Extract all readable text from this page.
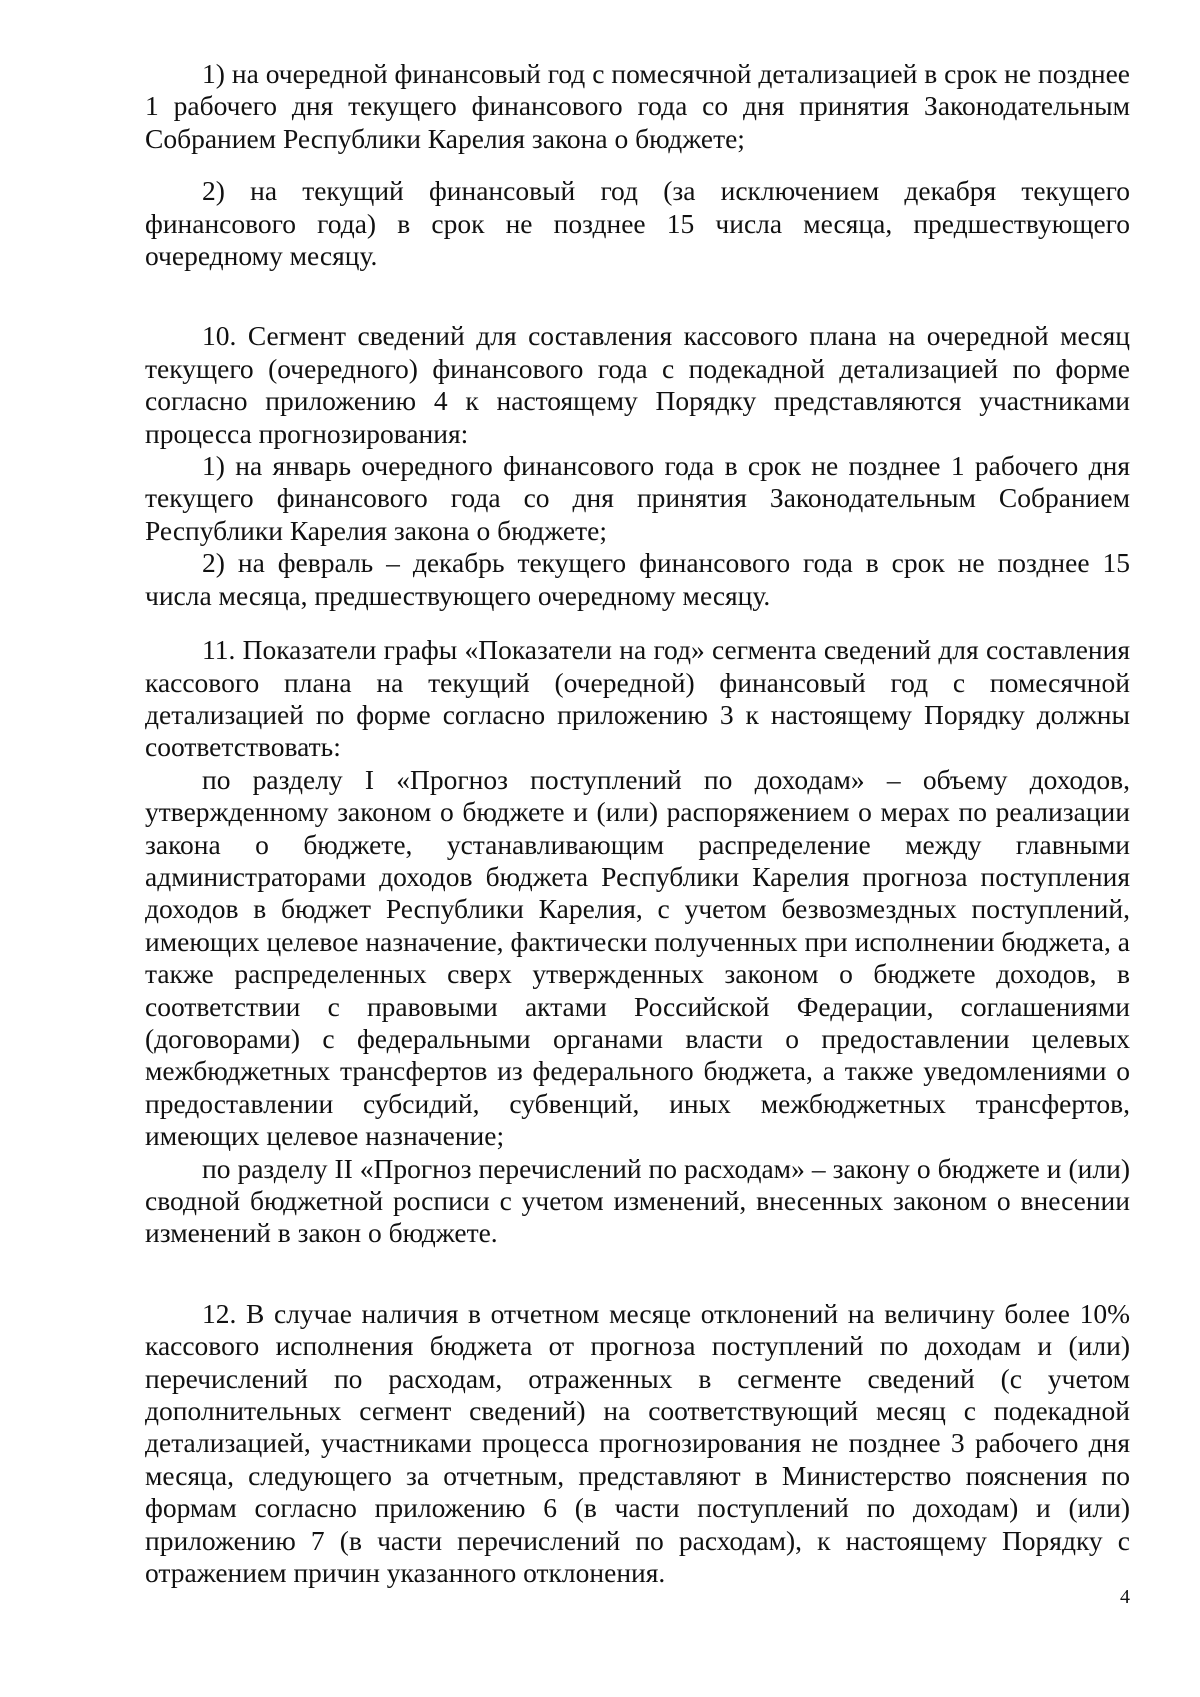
1) на очередной финансовый год с помесячной детализацией в срок не позднее 1 рабочего дня текущего финансового года со дня принятия Законодательным Собранием Республики Карелия закона о бюджете;

2) на текущий финансовый год (за исключением декабря текущего финансового года) в срок не позднее 15 числа месяца, предшествующего очередному месяцу.

10. Сегмент сведений для составления кассового плана на очередной месяц текущего (очередного) финансового года с подекадной детализацией по форме согласно приложению 4 к настоящему Порядку представляются участниками процесса прогнозирования:

1) на январь очередного финансового года в срок не позднее 1 рабочего дня текущего финансового года со дня принятия Законодательным Собранием Республики Карелия закона о бюджете;

2) на февраль – декабрь текущего финансового года в срок не позднее 15 числа месяца, предшествующего очередному месяцу.

11. Показатели графы «Показатели на год» сегмента сведений для составления кассового плана на текущий (очередной) финансовый год с помесячной детализацией по форме согласно приложению 3 к настоящему Порядку должны соответствовать:

по разделу I «Прогноз поступлений по доходам» – объему доходов, утвержденному законом о бюджете и (или) распоряжением о мерах по реализации закона о бюджете, устанавливающим распределение между главными администраторами доходов бюджета Республики Карелия прогноза поступления доходов в бюджет Республики Карелия, с учетом безвозмездных поступлений, имеющих целевое назначение, фактически полученных при исполнении бюджета, а также распределенных сверх утвержденных законом о бюджете доходов, в соответствии с правовыми актами Российской Федерации, соглашениями (договорами) с федеральными органами власти о предоставлении целевых межбюджетных трансфертов из федерального бюджета, а также уведомлениями о предоставлении субсидий, субвенций, иных межбюджетных трансфертов, имеющих целевое назначение;

по разделу II «Прогноз перечислений по расходам» – закону о бюджете и (или) сводной бюджетной росписи с учетом изменений, внесенных законом о внесении изменений в закон о бюджете.

12. В случае наличия в отчетном месяце отклонений на величину более 10% кассового исполнения бюджета от прогноза поступлений по доходам и (или) перечислений по расходам, отраженных в сегменте сведений (с учетом дополнительных сегмент сведений) на соответствующий месяц с подекадной детализацией, участниками процесса прогнозирования не позднее 3 рабочего дня месяца, следующего за отчетным, представляют в Министерство пояснения по формам согласно приложению 6 (в части поступлений по доходам) и (или) приложению 7 (в части перечислений по расходам), к настоящему Порядку с отражением причин указанного отклонения.

4
